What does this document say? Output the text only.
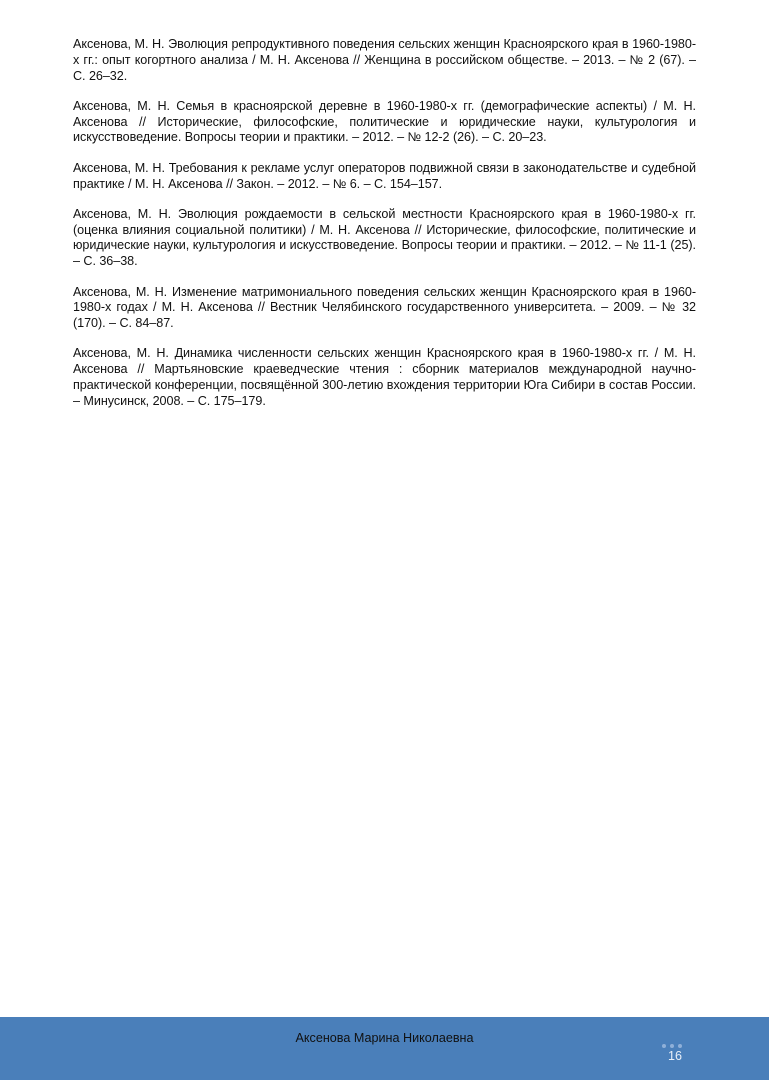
Аксенова, М. Н. Эволюция репродуктивного поведения сельских женщин Красноярского края в 1960-1980-х гг.: опыт когортного анализа / М. Н. Аксенова // Женщина в российском обществе. – 2013. – № 2 (67). – С. 26–32.

Аксенова, М. Н. Семья в красноярской деревне в 1960-1980-х гг. (демографические аспекты) / М. Н. Аксенова // Исторические, философские, политические и юридические науки, культурология и искусствоведение. Вопросы теории и практики. – 2012. – № 12-2 (26). – С. 20–23.

Аксенова, М. Н. Требования к рекламе услуг операторов подвижной связи в законодательстве и судебной практике / М. Н. Аксенова // Закон. – 2012. – № 6. – С. 154–157.

Аксенова, М. Н. Эволюция рождаемости в сельской местности Красноярского края в 1960-1980-х гг. (оценка влияния социальной политики) / М. Н. Аксенова // Исторические, философские, политические и юридические науки, культурология и искусствоведение. Вопросы теории и практики. – 2012. – № 11-1 (25). – С. 36–38.

Аксенова, М. Н. Изменение матримониального поведения сельских женщин Красноярского края в 1960-1980-х годах / М. Н. Аксенова // Вестник Челябинского государственного университета. – 2009. – № 32 (170). – С. 84–87.

Аксенова, М. Н. Динамика численности сельских женщин Красноярского края в 1960-1980-х гг. / М. Н. Аксенова // Мартьяновские краеведческие чтения : сборник материалов международной научно-практической конференции, посвящённой 300-летию вхождения территории Юга Сибири в состав России. – Минусинск, 2008. – С. 175–179.

Аксенова Марина Николаевна
16
